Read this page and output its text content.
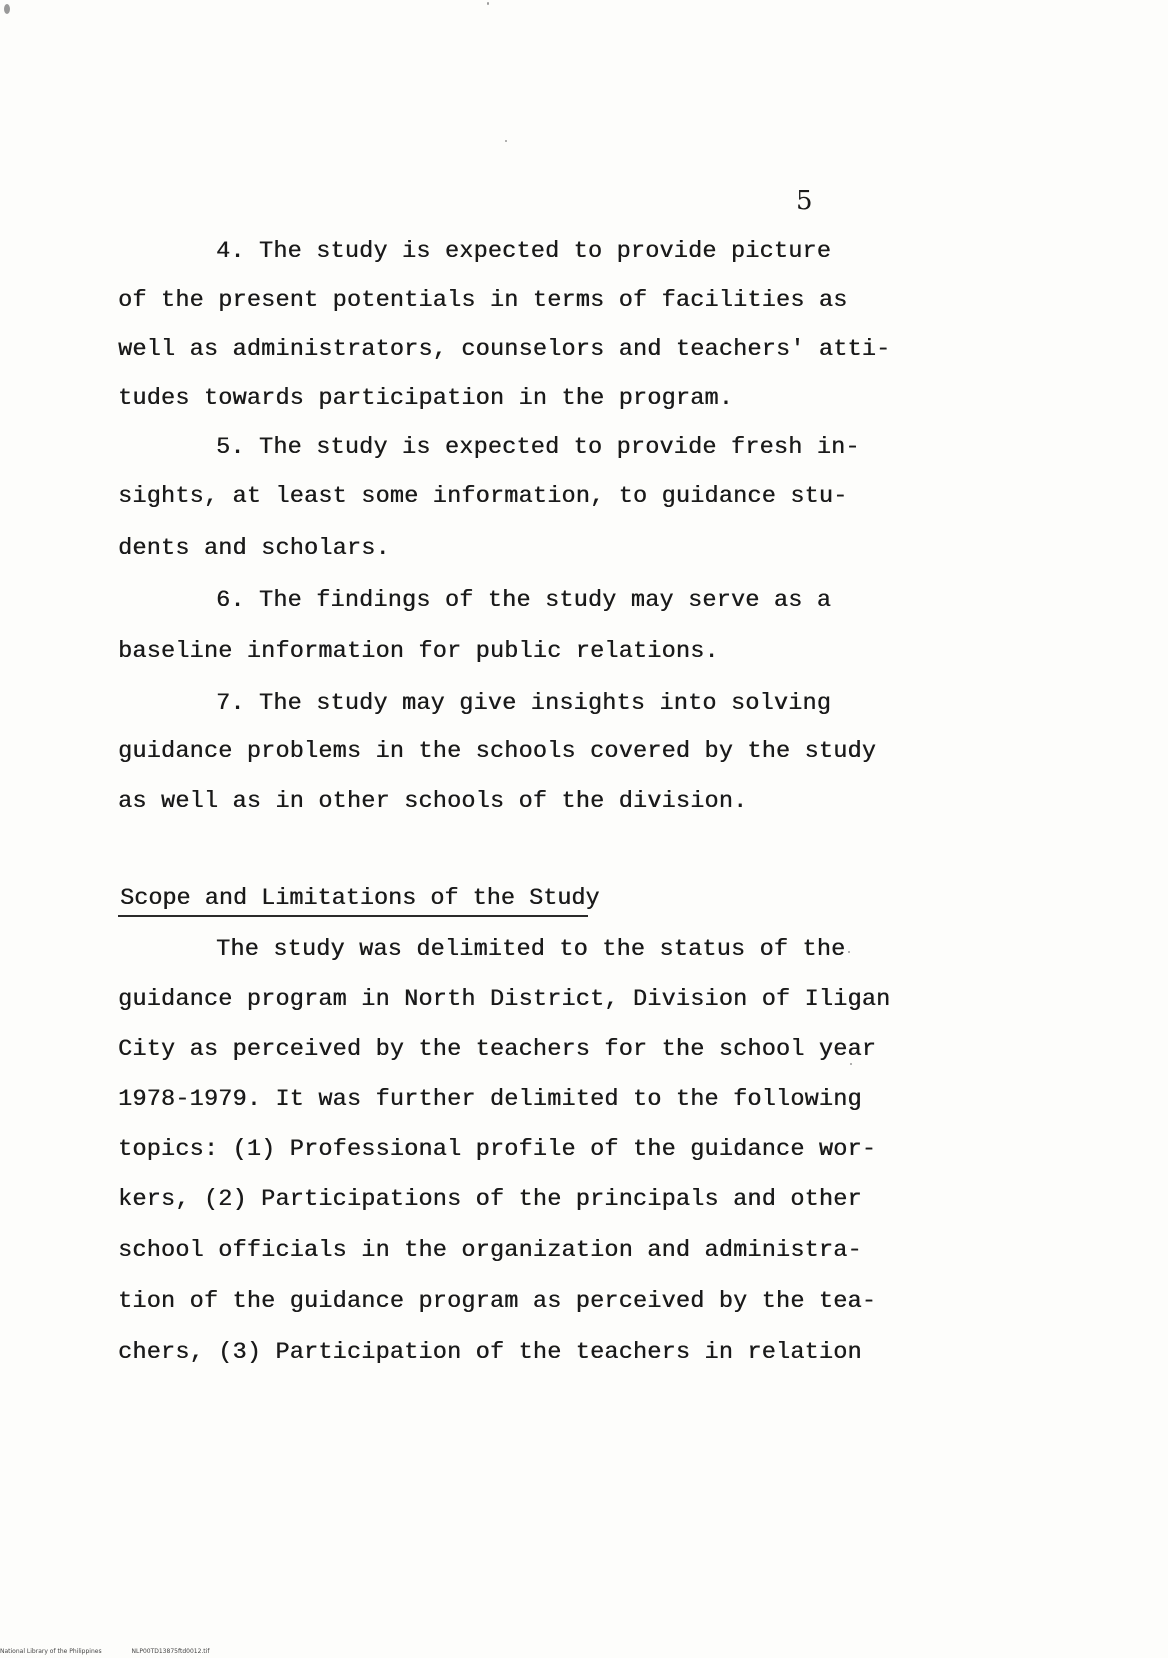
5
4. The study is expected to provide picture
of the present potentials in terms of facilities as
well as administrators, counselors and teachers' atti-
tudes towards participation in the program.
5. The study is expected to provide fresh in-
sights, at least some information, to guidance stu-
dents and scholars.
6. The findings of the study may serve as a
baseline information for public relations.
7. The study may give insights into solving
guidance problems in the schools covered by the study
as well as in other schools of the division.
Scope and Limitations of the Study
The study was delimited to the status of the
guidance program in North District, Division of Iligan
City as perceived by the teachers for the school year
1978-1979. It was further delimited to the following
topics: (1) Professional profile of the guidance wor-
kers, (2) Participations of the principals and other
school officials in the organization and administra-
tion of the guidance program as perceived by the tea-
chers, (3) Participation of the teachers in relation
National Library of the Philippines	NLP00TD13875ftd0012.tif
